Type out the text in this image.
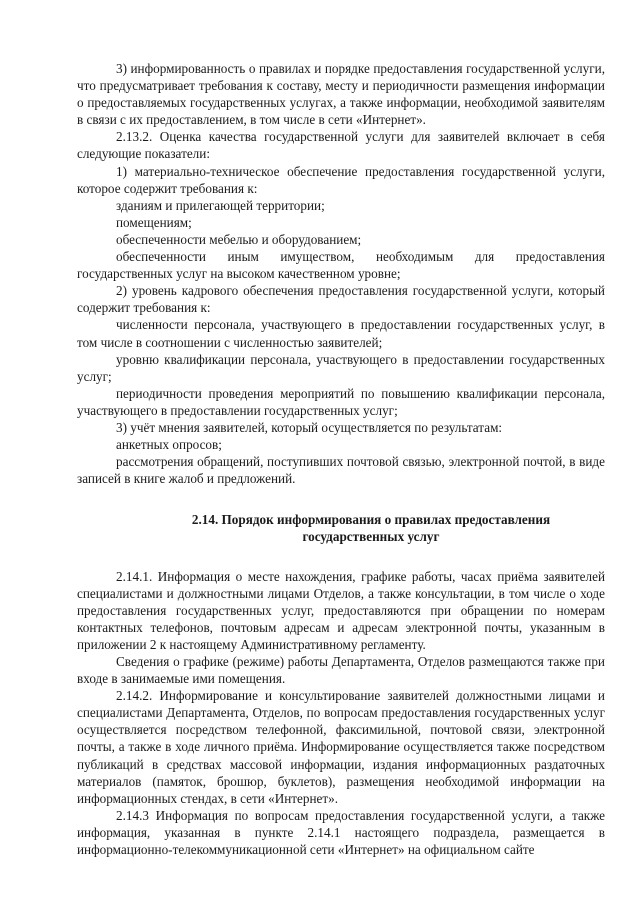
3) информированность о правилах и порядке предоставления государственной услуги, что предусматривает требования к составу, месту и периодичности размещения информации о предоставляемых государственных услугах, а также информации, необходимой заявителям в связи с их предоставлением, в том числе в сети «Интернет».

2.13.2. Оценка качества государственной услуги для заявителей включает в себя следующие показатели:

1) материально-техническое обеспечение предоставления государственной услуги, которое содержит требования к:

зданиям и прилегающей территории;

помещениям;

обеспеченности мебелью и оборудованием;

обеспеченности иным имуществом, необходимым для предоставления государственных услуг на высоком качественном уровне;

2) уровень кадрового обеспечения предоставления государственной услуги, который содержит требования к:

численности персонала, участвующего в предоставлении государственных услуг, в том числе в соотношении с численностью заявителей;

уровню квалификации персонала, участвующего в предоставлении государственных услуг;

периодичности проведения мероприятий по повышению квалификации персонала, участвующего в предоставлении государственных услуг;

3) учёт мнения заявителей, который осуществляется по результатам:

анкетных опросов;

рассмотрения обращений, поступивших почтовой связью, электронной почтой, в виде записей в книге жалоб и предложений.

2.14. Порядок информирования о правилах предоставления
государственных услуг

2.14.1. Информация о месте нахождения, графике работы, часах приёма заявителей специалистами и должностными лицами Отделов, а также консультации, в том числе о ходе предоставления государственных услуг, предоставляются при обращении по номерам контактных телефонов, почтовым адресам и адресам электронной почты, указанным в приложении 2 к настоящему Административному регламенту.

Сведения о графике (режиме) работы Департамента, Отделов размещаются также при входе в занимаемые ими помещения.

2.14.2. Информирование и консультирование заявителей должностными лицами и специалистами Департамента, Отделов, по вопросам предоставления государственных услуг осуществляется посредством телефонной, факсимильной, почтовой связи, электронной почты, а также в ходе личного приёма. Информирование осуществляется также посредством публикаций в средствах массовой информации, издания информационных раздаточных материалов (памяток, брошюр, буклетов), размещения необходимой информации на информационных стендах, в сети «Интернет».

2.14.3 Информация по вопросам предоставления государственной услуги, а также информация, указанная в пункте 2.14.1 настоящего подраздела, размещается в информационно-телекоммуникационной сети «Интернет» на официальном сайте
